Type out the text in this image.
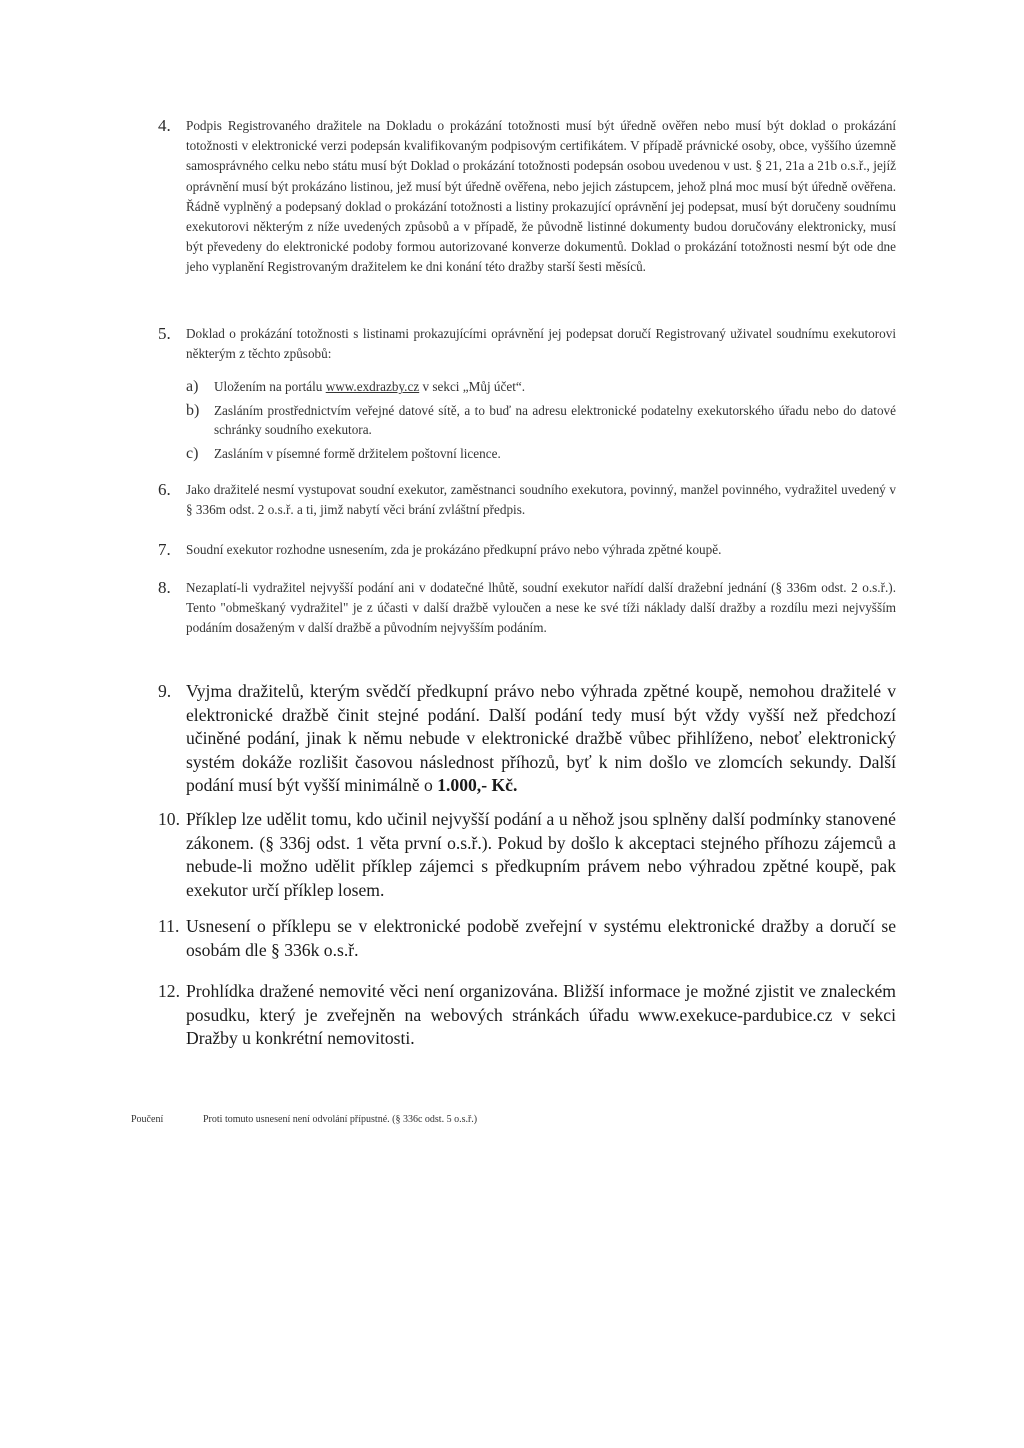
4.	Podpis Registrovaného dražitele na Dokladu o prokázání totožnosti musí být úředně ověřen nebo musí být doklad o prokázání totožnosti v elektronické verzi podepsán kvalifikovaným podpisovým certifikátem. V případě právnické osoby, obce, vyššího územně samosprávného celku nebo státu musí být Doklad o prokázání totožnosti podepsán osobou uvedenou v ust. § 21, 21a a 21b o.s.ř., jejíž oprávnění musí být prokázáno listinou, jež musí být úředně ověřena, nebo jejich zástupcem, jehož plná moc musí být úředně ověřena. Řádně vyplněný a podepsaný doklad o prokázání totožnosti a listiny prokazující oprávnění jej podepsat, musí být doručeny soudnímu exekutorovi některým z níže uvedených způsobů a v případě, že původně listinné dokumenty budou doručovány elektronicky, musí být převedeny do elektronické podoby formou autorizované konverze dokumentů. Doklad o prokázání totožnosti nesmí být ode dne jeho vyplanění Registrovaným dražitelem ke dni konání této dražby starší šesti měsíců.
5.	Doklad o prokázání totožnosti s listinami prokazujícími oprávnění jej podepsat doručí Registrovaný uživatel soudnímu exekutorovi některým z těchto způsobů:
a) Uložením na portálu www.exdrazby.cz v sekci „Můj účet“.
b) Zasláním prostřednictvím veřejné datové sítě, a to buď na adresu elektronické podatelny exekutorského úřadu nebo do datové schránky soudního exekutora.
c) Zasláním v písemné formě držitelem poštovní licence.
6.	Jako dražitelé nesmí vystupovat soudní exekutor, zaměstnanci soudního exekutora, povinný, manžel povinného, vydražitel uvedený v § 336m odst. 2 o.s.ř. a ti, jimž nabytí věci brání zvláštní předpis.
7.	Soudní exekutor rozhodne usnesením, zda je prokázáno předkupní právo nebo výhrada zpětné koupě.
8.	Nezaplatí-li vydražitel nejvyšší podání ani v dodatečné lhůtě, soudní exekutor nařídí další dražební jednání (§ 336m odst. 2 o.s.ř.). Tento "obmeškaný vydražitel" je z účasti v další dražbě vyloučen a nese ke své tíži náklady další dražby a rozdílu mezi nejvyšším podáním dosaženým v další dražbě a původním nejvyšším podáním.
9. Vyjma dražitelů, kterým svědčí předkupní právo nebo výhrada zpětné koupě, nemohou dražitelé v elektronické dražbě činit stejné podání. Další podání tedy musí být vždy vyšší než předchozí učiněné podání, jinak k němu nebude v elektronické dražbě vůbec přihlíženo, neboť elektronický systém dokáže rozlišit časovou následnost příhozů, byť k nim došlo ve zlomcích sekundy. Další podání musí být vyšší minimálně o 1.000,- Kč.
10. Příklep lze udělit tomu, kdo učinil nejvyšší podání a u něhož jsou splněny další podmínky stanovené zákonem. (§ 336j odst. 1 věta první o.s.ř.). Pokud by došlo k akceptaci stejného příhozu zájemců a nebude-li možno udělit příklep zájemci s předkupním právem nebo výhradou zpětné koupě, pak exekutor určí příklep losem.
11. Usnesení o příklepu se v elektronické podobě zveřejní v systému elektronické dražby a doručí se osobám dle § 336k o.s.ř.
12. Prohlídka dražené nemovité věci není organizována. Bližší informace je možné zjistit ve znaleckém posudku, který je zveřejněn na webových stránkách úřadu www.exekuce-pardubice.cz v sekci Dražby u konkrétní nemovitosti.
Poučení	Proti tomuto usnesení není odvolání přípustné. (§ 336c odst. 5 o.s.ř.)
